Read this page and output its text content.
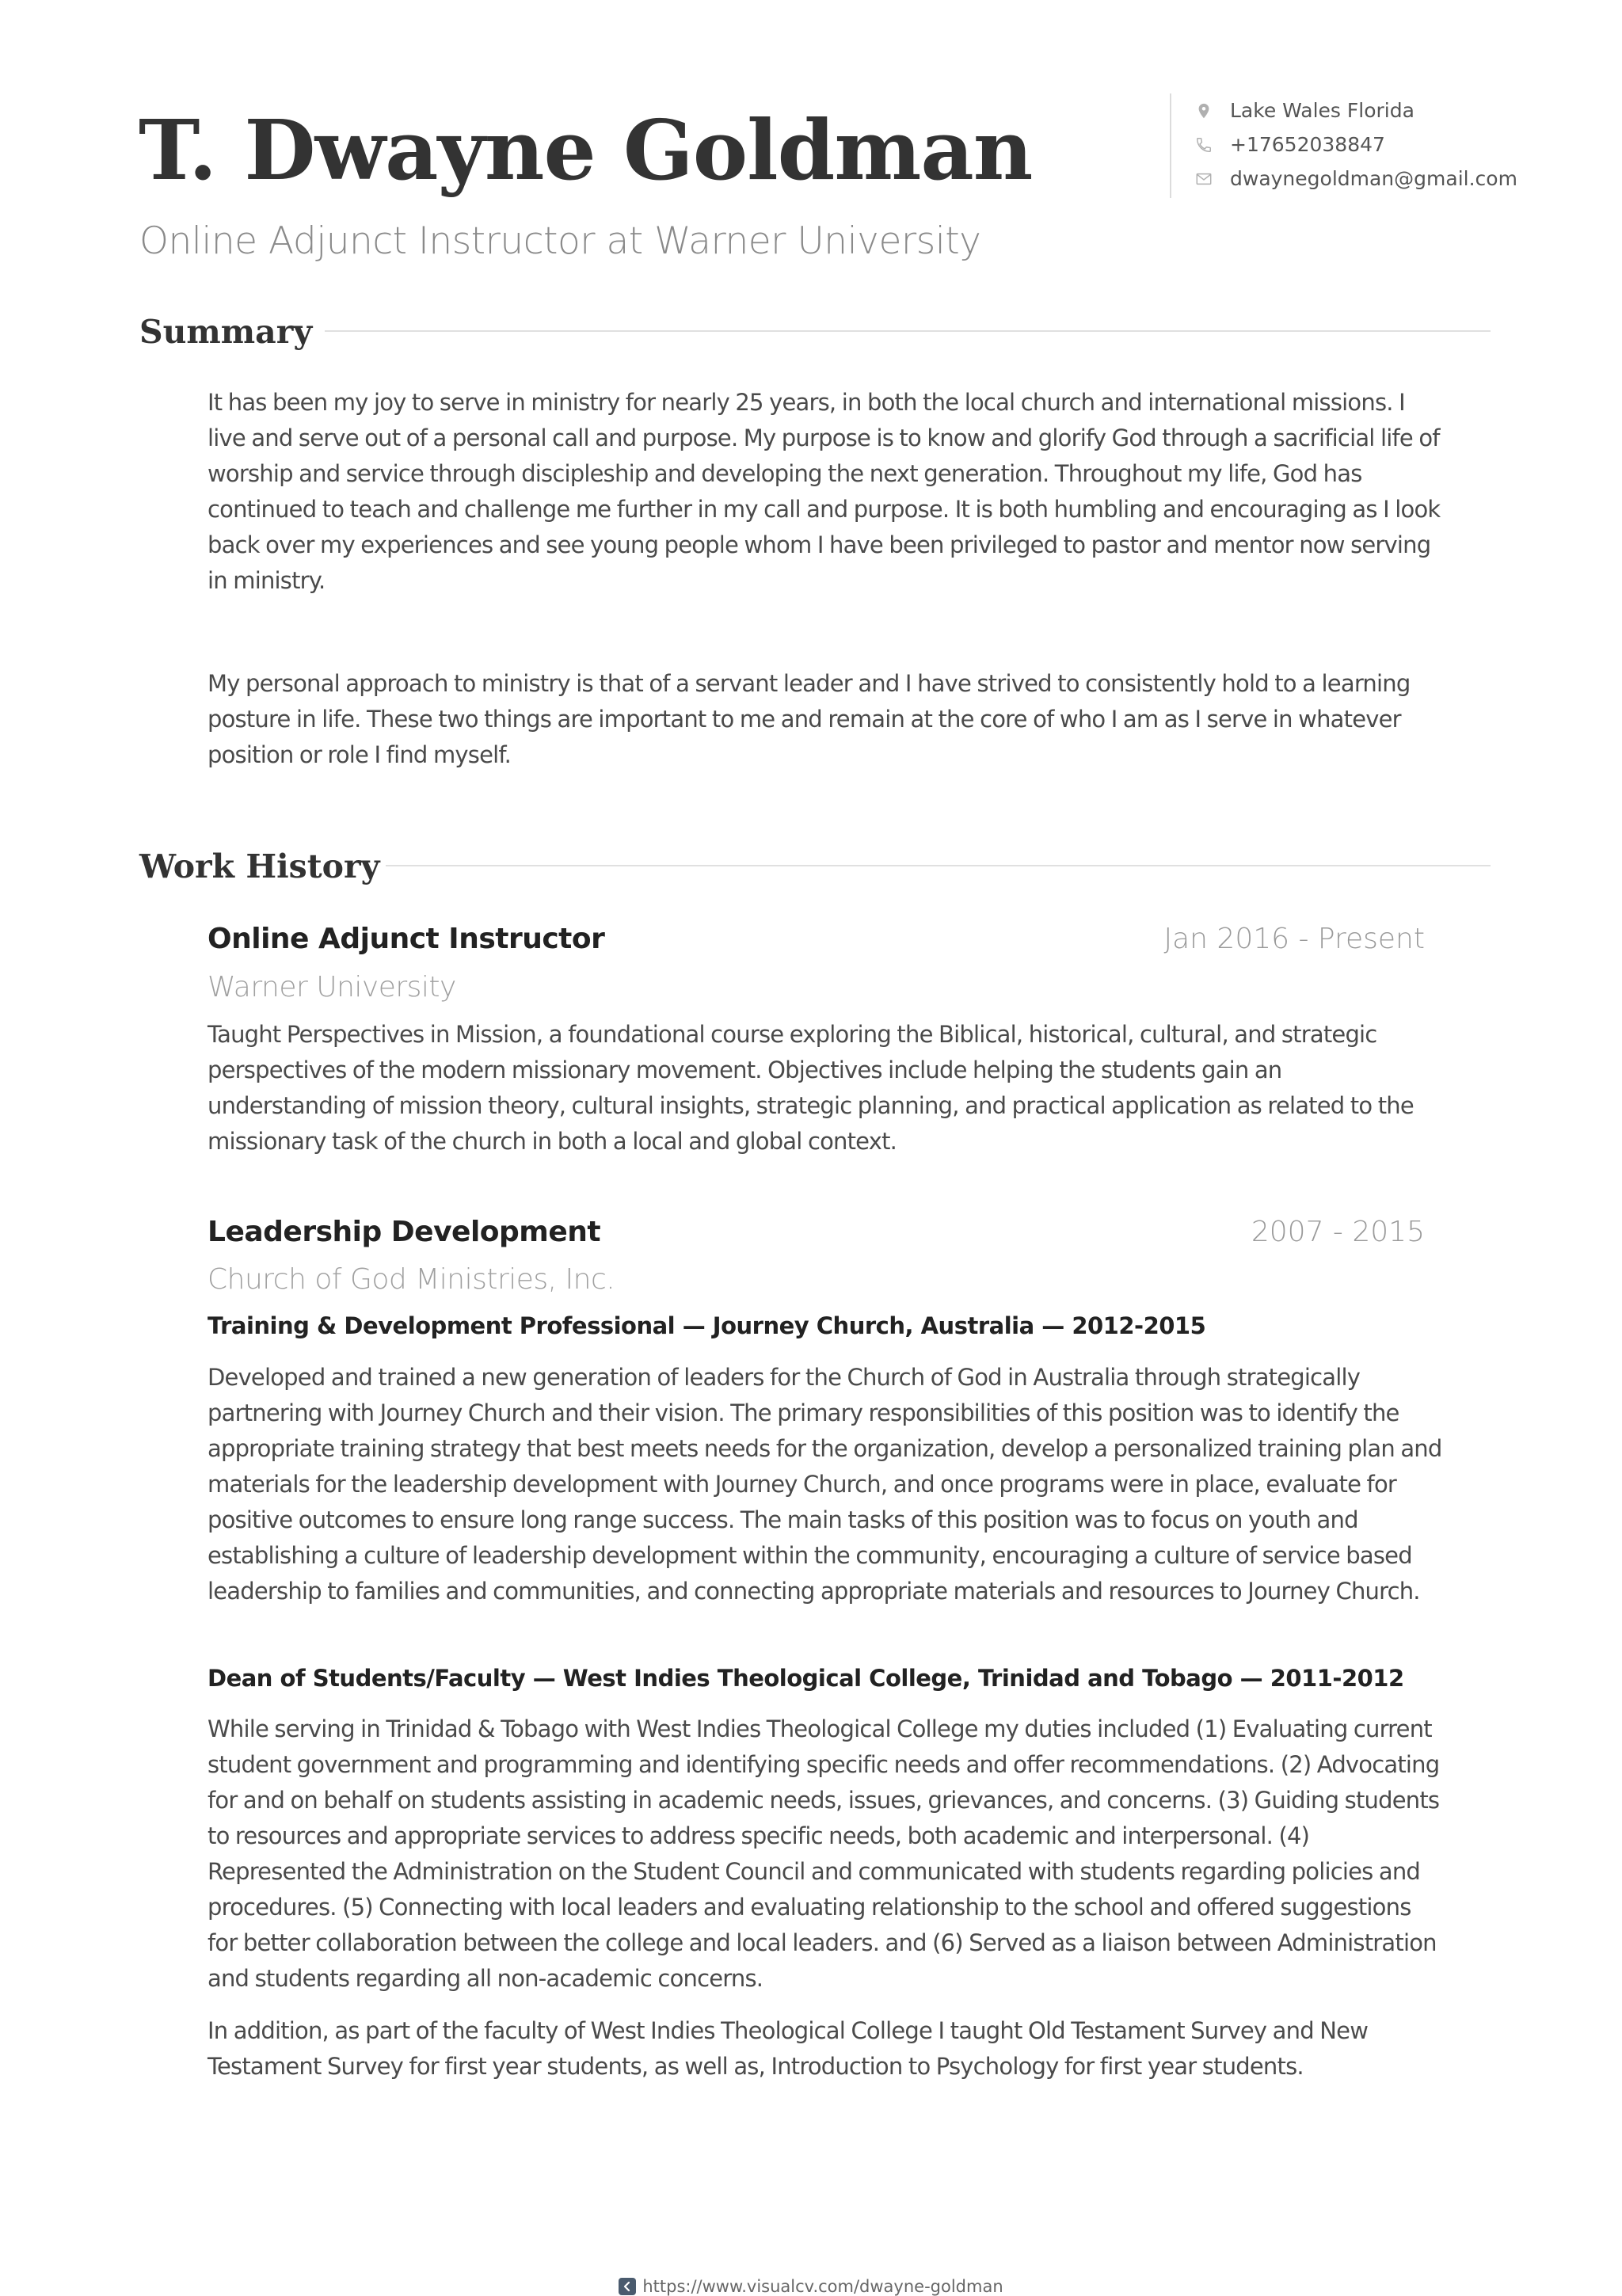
T. Dwayne Goldman
Online Adjunct Instructor at Warner University
Lake Wales Florida
+17652038847
dwaynegoldman@gmail.com
Summary

It has been my joy to serve in ministry for nearly 25 years, in both the local church and international missions. I live and serve out of a personal call and purpose. My purpose is to know and glorify God through a sacrificial life of worship and service through discipleship and developing the next generation. Throughout my life, God has continued to teach and challenge me further in my call and purpose. It is both humbling and encouraging as I look back over my experiences and see young people whom I have been privileged to pastor and mentor now serving in ministry.

My personal approach to ministry is that of a servant leader and I have strived to consistently hold to a learning posture in life. These two things are important to me and remain at the core of who I am as I serve in whatever position or role I find myself.

Work History

Online Adjunct Instructor	Jan 2016 - Present

Warner University

Taught Perspectives in Mission, a foundational course exploring the Biblical, historical, cultural, and strategic perspectives of the modern missionary movement. Objectives include helping the students gain an understanding of mission theory, cultural insights, strategic planning, and practical application as related to the missionary task of the church in both a local and global context.

Leadership Development	2007 - 2015

Church of God Ministries, Inc.

Training & Development Professional — Journey Church, Australia — 2012-2015

Developed and trained a new generation of leaders for the Church of God in Australia through strategically partnering with Journey Church and their vision. The primary responsibilities of this position was to identify the appropriate training strategy that best meets needs for the organization, develop a personalized training plan and materials for the leadership development with Journey Church, and once programs were in place, evaluate for positive outcomes to ensure long range success. The main tasks of this position was to focus on youth and establishing a culture of leadership development within the community, encouraging a culture of service based leadership to families and communities, and connecting appropriate materials and resources to Journey Church.

Dean of Students/Faculty — West Indies Theological College, Trinidad and Tobago — 2011-2012

While serving in Trinidad & Tobago with West Indies Theological College my duties included (1) Evaluating current student government and programming and identifying specific needs and offer recommendations. (2) Advocating for and on behalf on students assisting in academic needs, issues, grievances, and concerns. (3) Guiding students to resources and appropriate services to address specific needs, both academic and interpersonal. (4) Represented the Administration on the Student Council and communicated with students regarding policies and procedures. (5) Connecting with local leaders and evaluating relationship to the school and offered suggestions for better collaboration between the college and local leaders. and (6) Served as a liaison between Administration and students regarding all non-academic concerns.

In addition, as part of the faculty of West Indies Theological College I taught Old Testament Survey and New Testament Survey for first year students, as well as, Introduction to Psychology for first year students.

https://www.visualcv.com/dwayne-goldman
